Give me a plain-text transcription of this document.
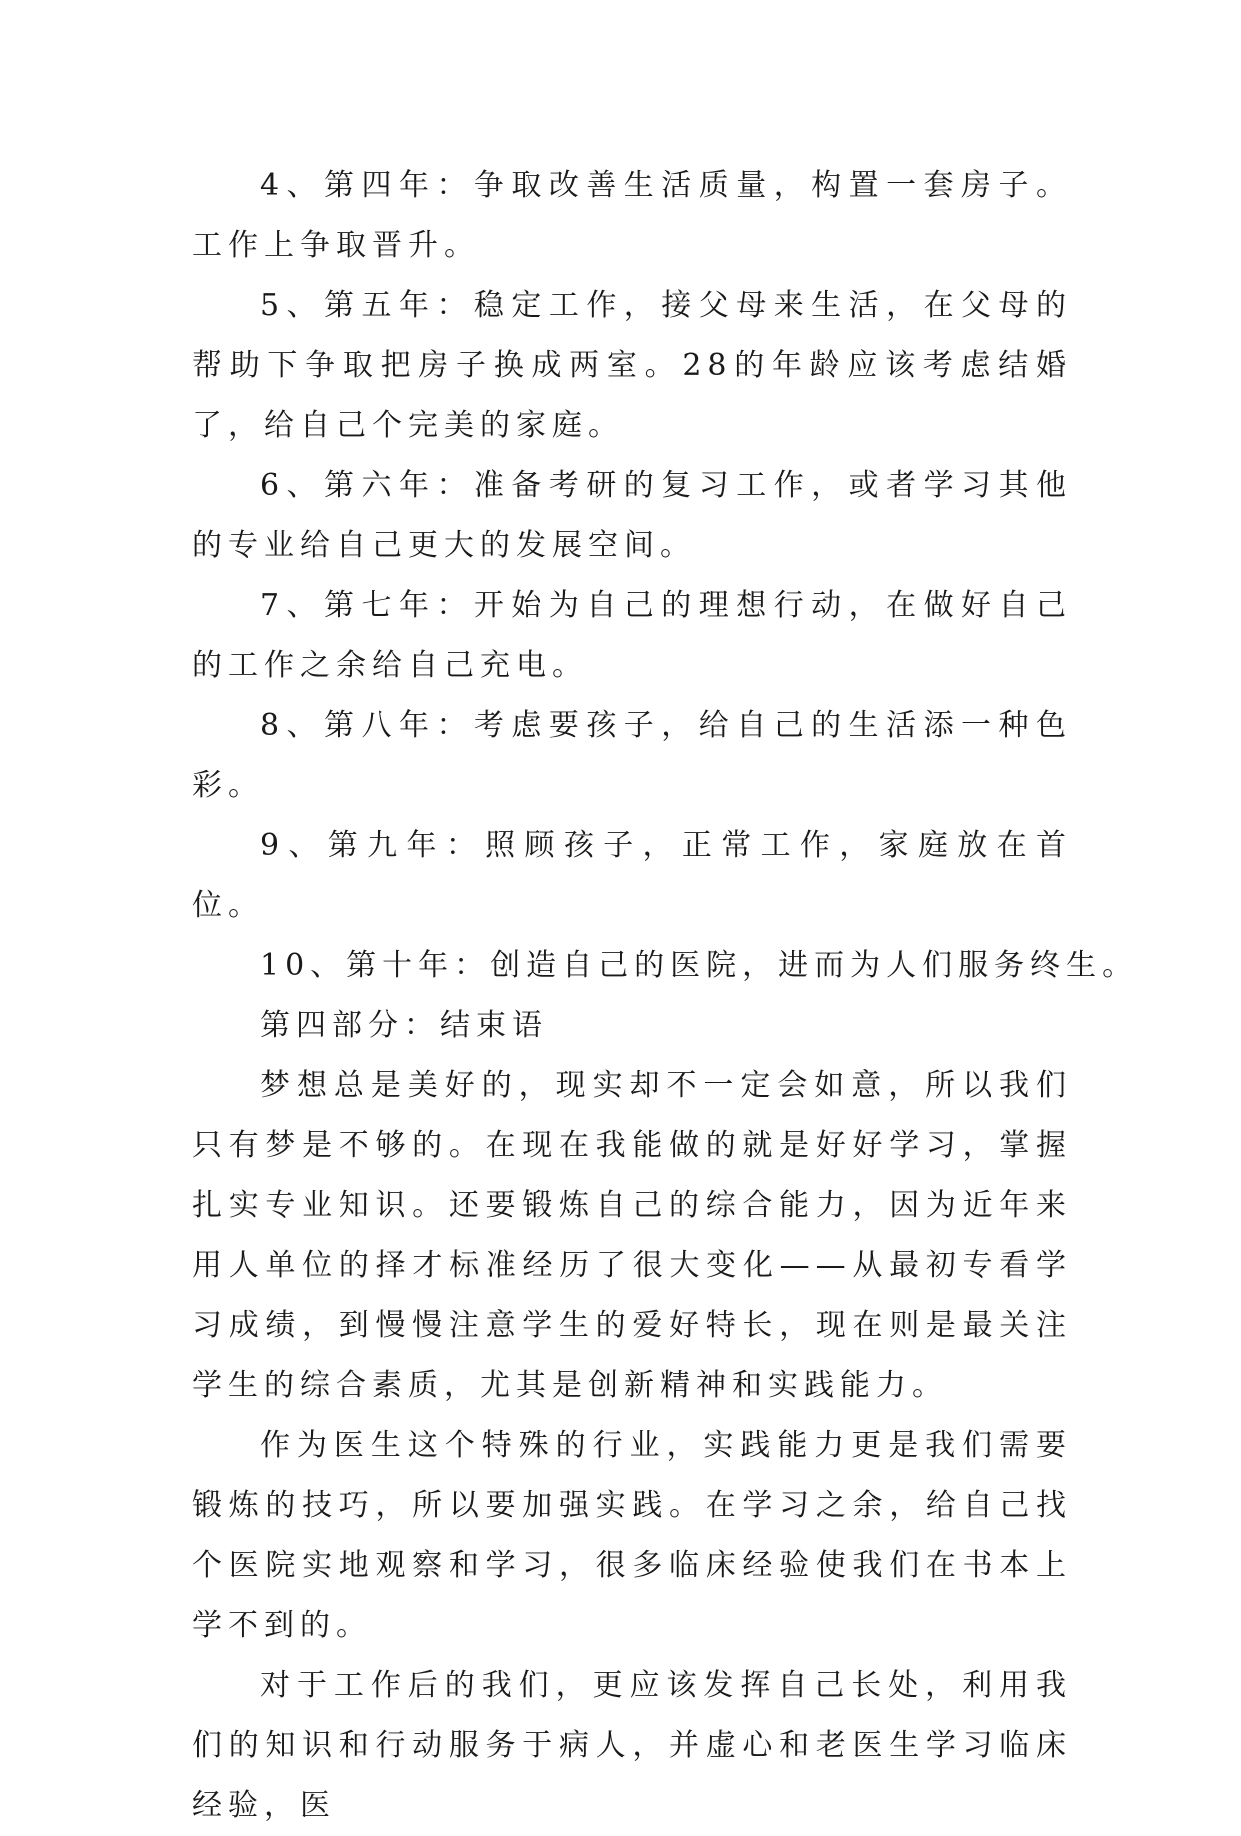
4、第四年：争取改善生活质量，构置一套房子。工作上争取晋升。

5、第五年：稳定工作，接父母来生活，在父母的帮助下争取把房子换成两室。28的年龄应该考虑结婚了，给自己个完美的家庭。

6、第六年：准备考研的复习工作，或者学习其他的专业给自己更大的发展空间。

7、第七年：开始为自己的理想行动，在做好自己的工作之余给自己充电。

8、第八年：考虑要孩子，给自己的生活添一种色彩。

9、第九年：照顾孩子，正常工作，家庭放在首位。

10、第十年：创造自己的医院，进而为人们服务终生。

第四部分：结束语

梦想总是美好的，现实却不一定会如意，所以我们只有梦是不够的。在现在我能做的就是好好学习，掌握扎实专业知识。还要锻炼自己的综合能力，因为近年来用人单位的择才标准经历了很大变化——从最初专看学习成绩，到慢慢注意学生的爱好特长，现在则是最关注学生的综合素质，尤其是创新精神和实践能力。

作为医生这个特殊的行业，实践能力更是我们需要锻炼的技巧，所以要加强实践。在学习之余，给自己找个医院实地观察和学习，很多临床经验使我们在书本上学不到的。

对于工作后的我们，更应该发挥自己长处，利用我们的知识和行动服务于病人，并虚心和老医生学习临床经验，医
